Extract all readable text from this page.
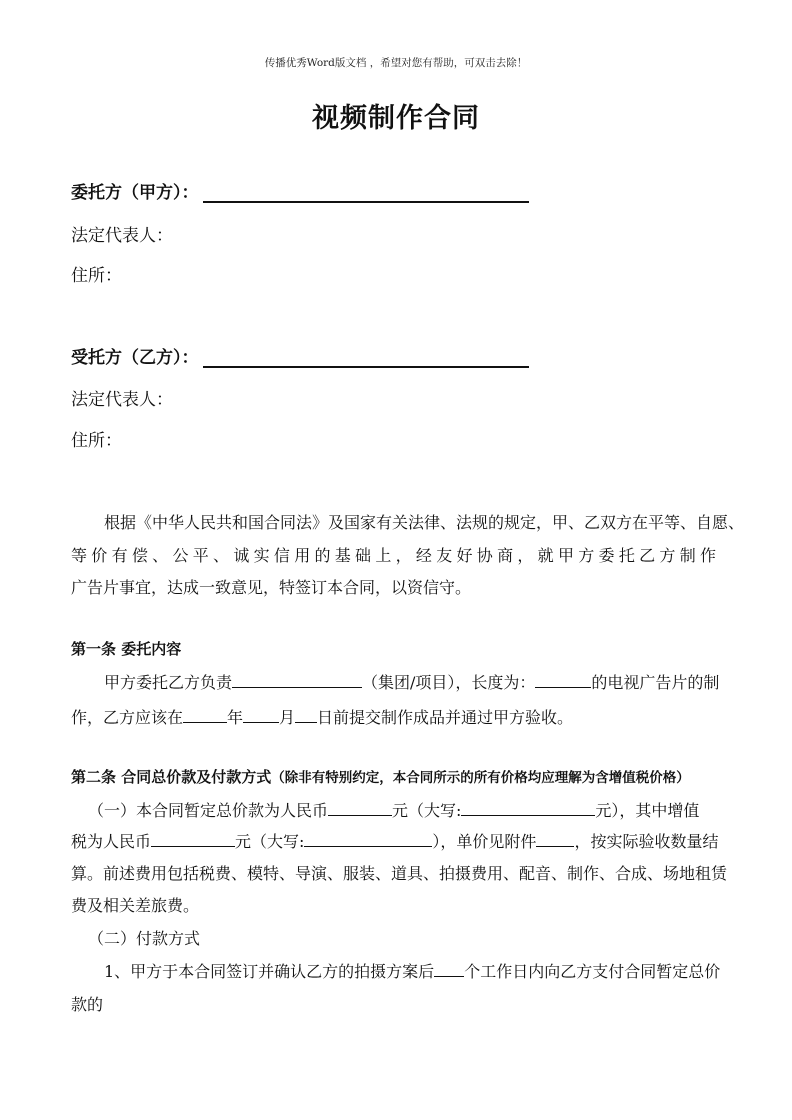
传播优秀Word版文档 ，希望对您有帮助，可双击去除！
视频制作合同
委托方（甲方）：
法定代表人：
住所：
受托方（乙方）：
法定代表人：
住所：
根据《中华人民共和国合同法》及国家有关法律、法规的规定，甲、乙双方在平等、自愿、
等价有偿、公平、诚实信用的基础上，经友好协商，就甲方委托乙方制作
广告片事宜，达成一致意见，特签订本合同，以资信守。
第一条 委托内容
甲方委托乙方负责	（集团/项目），长度为：	的电视广告片的制
作，乙方应该在	年 月 日前提交制作成品并通过甲方验收。
第二条 合同总价款及付款方式（除非有特别约定，本合同所示的所有价格均应理解为含增值税价格）
（一）本合同暂定总价款为人民币	元（大写:	元），其中增值
税为人民币	元（大写:	），单价见附件 ，按实际验收数量结
算。前述费用包括税费、模特、导演、服装、道具、拍摄费用、配音、制作、合成、场地租赁
费及相关差旅费。
（二）付款方式
1、甲方于本合同签订并确认乙方的拍摄方案后 个工作日内向乙方支付合同暂定总价
款的
